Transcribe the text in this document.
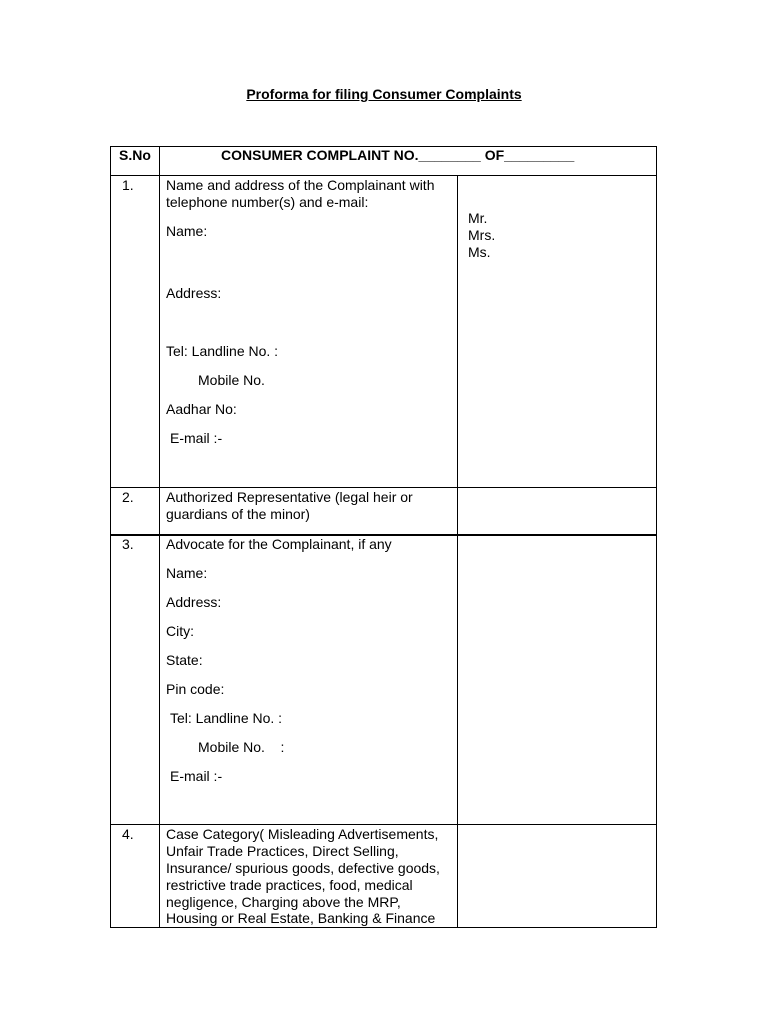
Proforma for filing Consumer Complaints
S.No	CONSUMER COMPLAINT NO.________ OF_________
1. Name and address of the Complainant with
telephone number(s) and e-mail:
Name:
Address:
Tel: Landline No. :
Mobile No.
Aadhar No:
E-mail :-
Mr.
Mrs.
Ms.
2. Authorized Representative (legal heir or
guardians of the minor)
3. Advocate for the Complainant, if any
Name:
Address:
City:
State:
Pin code:
Tel: Landline No. :
Mobile No.    :
E-mail :-
4. Case Category( Misleading Advertisements,
Unfair Trade Practices, Direct Selling,
Insurance/ spurious goods, defective goods,
restrictive trade practices, food, medical
negligence, Charging above the MRP,
Housing or Real Estate, Banking & Finance
